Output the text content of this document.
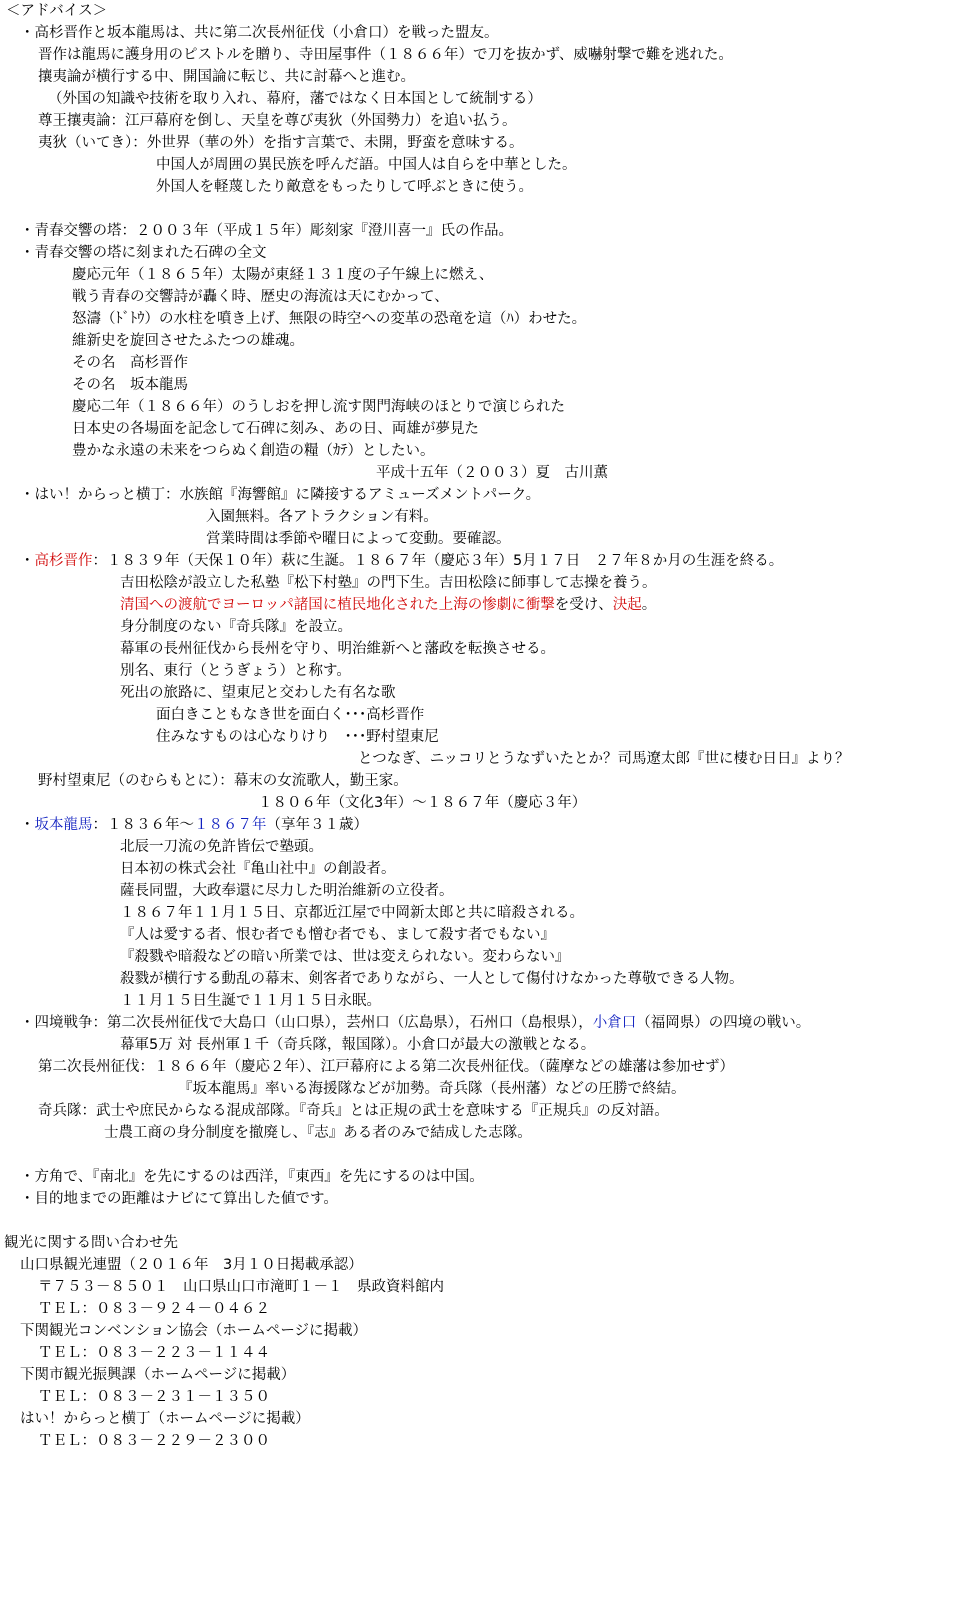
＜アドバイス＞
・高杉晋作と坂本龍馬は、共に第二次長州征伐（小倉口）を戦った盟友。
晋作は龍馬に護身用のピストルを贈り、寺田屋事件（１８６６年）で刀を抜かず、威嚇射撃で難を逃れた。
攘夷論が横行する中、開国論に転じ、共に討幕へと進む。
（外国の知識や技術を取り入れ、幕府，藩ではなく日本国として統制する）
尊王攘夷論：江戸幕府を倒し、天皇を尊び夷狄（外国勢力）を追い払う。
夷狄（いてき）：外世界（華の外）を指す言葉で、未開，野蛮を意味する。
中国人が周囲の異民族を呼んだ語。中国人は自らを中華とした。
外国人を軽蔑したり敵意をもったりして呼ぶときに使う。
・青春交響の塔：２００３年（平成１５年）彫刻家『澄川喜一』氏の作品。
・青春交響の塔に刻まれた石碑の全文
慶応元年（１８６５年）太陽が東経１３１度の子午線上に燃え、
戦う青春の交響詩が轟く時、歴史の海流は天にむかって、
怒濤（ﾄﾞﾄｳ）の水柱を噴き上げ、無限の時空への変革の恐竜を這（ﾊ）わせた。
維新史を旋回させたふたつの雄魂。
その名　高杉晋作
その名　坂本龍馬
慶応二年（１８６６年）のうしおを押し流す関門海峡のほとりで演じられた
日本史の各場面を記念して石碑に刻み、あの日、両雄が夢見た
豊かな永遠の未来をつらぬく創造の糧（ｶﾃ）としたい。
平成十五年（２００３）夏　古川薫
・はい！からっと横丁：水族館『海響館』に隣接するアミューズメントパーク。
入園無料。各アトラクション有料。
営業時間は季節や曜日によって変動。要確認。
・高杉晋作：１８３９年（天保１０年）萩に生誕。１８６７年（慶応３年）5月１７日　２７年８か月の生涯を終る。
吉田松陰が設立した私塾『松下村塾』の門下生。吉田松陰に師事して志操を養う。
清国への渡航でヨーロッパ諸国に植民地化された上海の惨劇に衝撃を受け、決起。
身分制度のない『奇兵隊』を設立。
幕軍の長州征伐から長州を守り、明治維新へと藩政を転換させる。
別名、東行（とうぎょう）と称す。
死出の旅路に、望東尼と交わした有名な歌
面白きこともなき世を面白く･･･高杉晋作
住みなすものは心なりけり　･･･野村望東尼
とつなぎ、ニッコリとうなずいたとか？司馬遼太郎『世に棲む日日』より？
野村望東尼（のむらもとに）：幕末の女流歌人，勤王家。
１８０６年（文化3年）～１８６７年（慶応３年）
・坂本龍馬：１８３６年～１８６７年（享年３１歳）
北辰一刀流の免許皆伝で塾頭。
日本初の株式会社『亀山社中』の創設者。
薩長同盟，大政奉還に尽力した明治維新の立役者。
１８６７年１１月１５日、京都近江屋で中岡新太郎と共に暗殺される。
『人は愛する者、恨む者でも憎む者でも、まして殺す者でもない』
『殺戮や暗殺などの暗い所業では、世は変えられない。変わらない』
殺戮が横行する動乱の幕末、剣客者でありながら、一人として傷付けなかった尊敬できる人物。
１１月１５日生誕で１１月１５日永眠。
・四境戦争：第二次長州征伐で大島口（山口県），芸州口（広島県），石州口（島根県），小倉口（福岡県）の四境の戦い。
幕軍5万 対 長州軍１千（奇兵隊，報国隊）。小倉口が最大の激戦となる。
第二次長州征伐：１８６６年（慶応２年）、江戸幕府による第二次長州征伐。（薩摩などの雄藩は参加せず）
『坂本龍馬』率いる海援隊などが加勢。奇兵隊（長州藩）などの圧勝で終結。
奇兵隊：武士や庶民からなる混成部隊。『奇兵』とは正規の武士を意味する『正規兵』の反対語。
士農工商の身分制度を撤廃し、『志』ある者のみで結成した志隊。
・方角で、『南北』を先にするのは西洋，『東西』を先にするのは中国。
・目的地までの距離はナビにて算出した値です。
観光に関する問い合わせ先
山口県観光連盟（２０１６年　3月１０日掲載承認）
〒７５３－８５０１　山口県山口市滝町１－１　県政資料館内
ＴＥＬ：０８３－９２４－０４６２
下関観光コンベンション協会（ホームページに掲載）
ＴＥＬ：０８３－２２３－１１４４
下関市観光振興課（ホームページに掲載）
ＴＥＬ：０８３－２３１－１３５０
はい！からっと横丁（ホームページに掲載）
ＴＥＬ：０８３－２２９－２３００
